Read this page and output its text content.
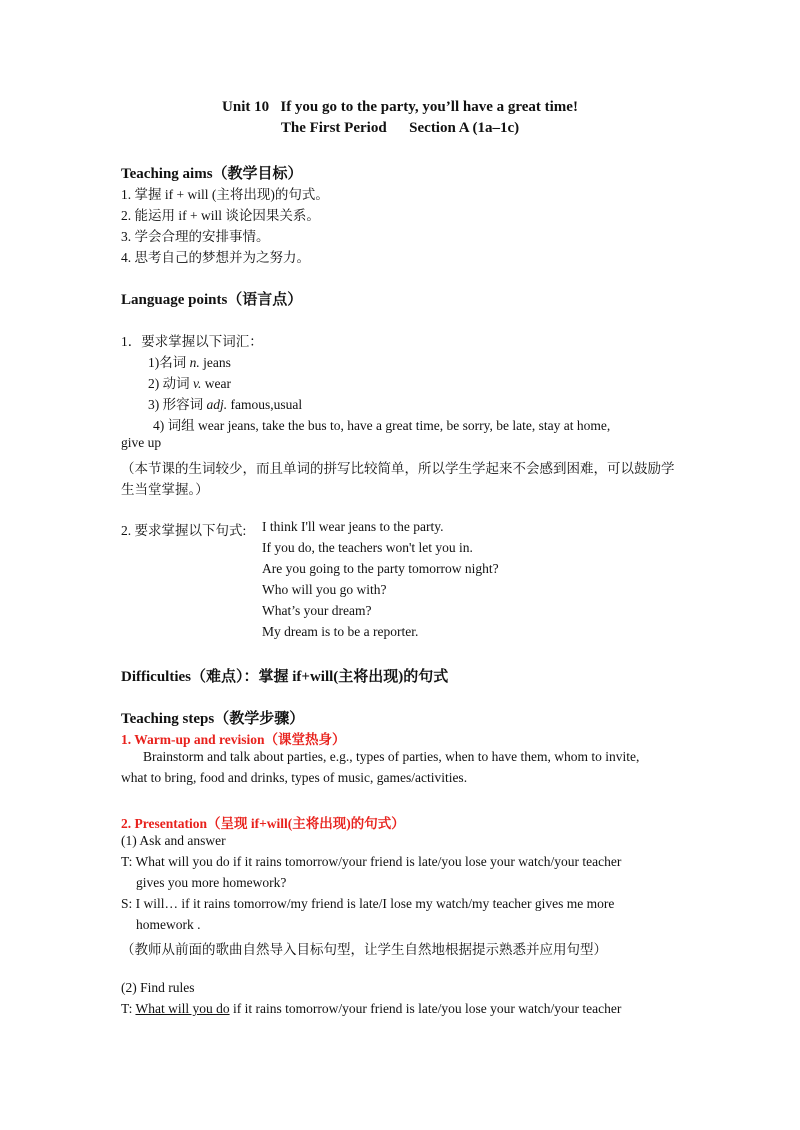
Unit 10   If you go to the party, you’ll have a great time!
The First Period      Section A (1a–1c)
Teaching aims（教学目标）
1. 掌握 if + will (主将出现)的句式。
2. 能运用 if + will 谈论因果关系。
3. 学会合理的安排事情。
4. 思考自己的梦想并为之努力。
Language points（语言点）
1．要求掌握以下词汇：
1)名词 n. jeans
2) 动词 v. wear
3) 形容词 adj. famous,usual
4) 词组 wear jeans, take the bus to, have a great time, be sorry, be late, stay at home,
give up
（本节课的生词较少，而且单词的拼写比较简单，所以学生学起来不会感到困难，可以鼓励学
生当堂掌握。）
2. 要求掌握以下句式: I think I'll wear jeans to the party.
If you do, the teachers won't let you in.
Are you going to the party tomorrow night?
Who will you go with?
What’s your dream?
My dream is to be a reporter.
Difficulties（难点）：掌握 if+will(主将出现)的句式
Teaching steps（教学步骤）
1. Warm-up and revision（课堂热身）
Brainstorm and talk about parties, e.g., types of parties, when to have them, whom to invite,
what to bring, food and drinks, types of music, games/activities.
2. Presentation（呈现 if+will(主将出现)的句式）
(1) Ask and answer
T: What will you do if it rains tomorrow/your friend is late/you lose your watch/your teacher
gives you more homework?
S: I will… if it rains tomorrow/my friend is late/I lose my watch/my teacher gives me more
homework .
（教师从前面的歌曲自然导入目标句型，让学生自然地根据提示熟悉并应用句型）
(2) Find rules
T: What will you do if it rains tomorrow/your friend is late/you lose your watch/your teacher
